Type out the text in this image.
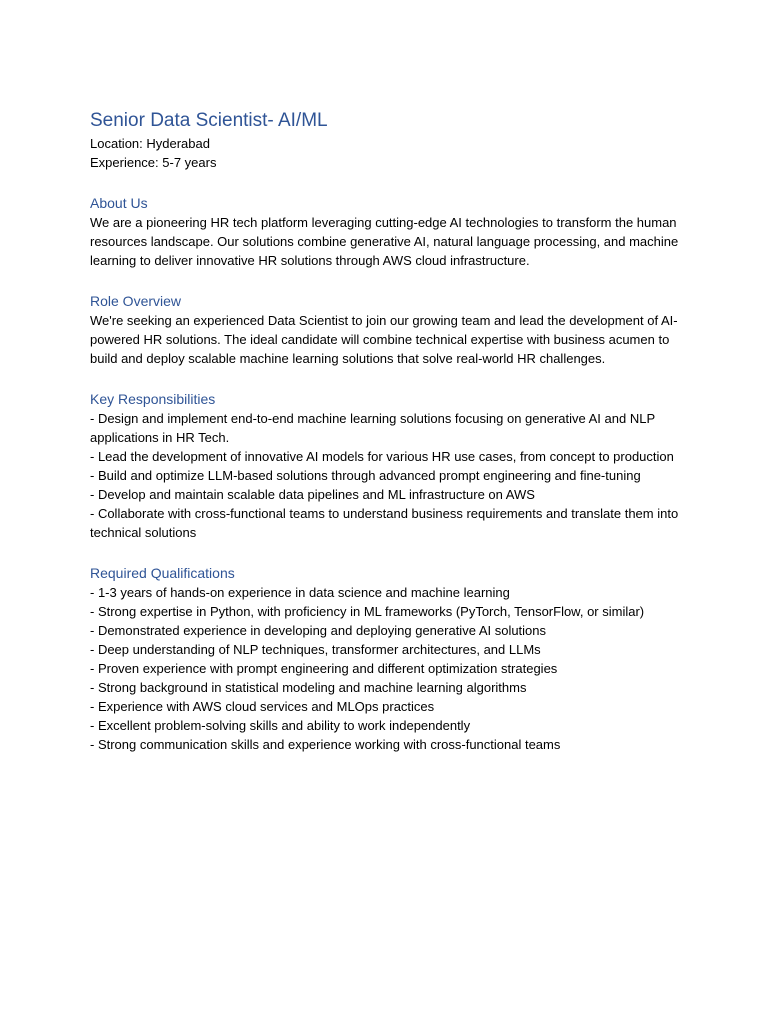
Senior Data Scientist- AI/ML

Location: Hyderabad

Experience: 5-7 years

About Us

We are a pioneering HR tech platform leveraging cutting-edge AI technologies to transform the human resources landscape. Our solutions combine generative AI, natural language processing, and machine learning to deliver innovative HR solutions through AWS cloud infrastructure.

Role Overview

We're seeking an experienced Data Scientist to join our growing team and lead the development of AI-powered HR solutions. The ideal candidate will combine technical expertise with business acumen to build and deploy scalable machine learning solutions that solve real-world HR challenges.

Key Responsibilities
- Design and implement end-to-end machine learning solutions focusing on generative AI and NLP applications in HR Tech.
- Lead the development of innovative AI models for various HR use cases, from concept to production
- Build and optimize LLM-based solutions through advanced prompt engineering and fine-tuning
- Develop and maintain scalable data pipelines and ML infrastructure on AWS
- Collaborate with cross-functional teams to understand business requirements and translate them into technical solutions
Required Qualifications
- 1-3 years of hands-on experience in data science and machine learning
- Strong expertise in Python, with proficiency in ML frameworks (PyTorch, TensorFlow, or similar)
- Demonstrated experience in developing and deploying generative AI solutions
- Deep understanding of NLP techniques, transformer architectures, and LLMs
- Proven experience with prompt engineering and different optimization strategies
- Strong background in statistical modeling and machine learning algorithms
- Experience with AWS cloud services and MLOps practices
- Excellent problem-solving skills and ability to work independently
- Strong communication skills and experience working with cross-functional teams
